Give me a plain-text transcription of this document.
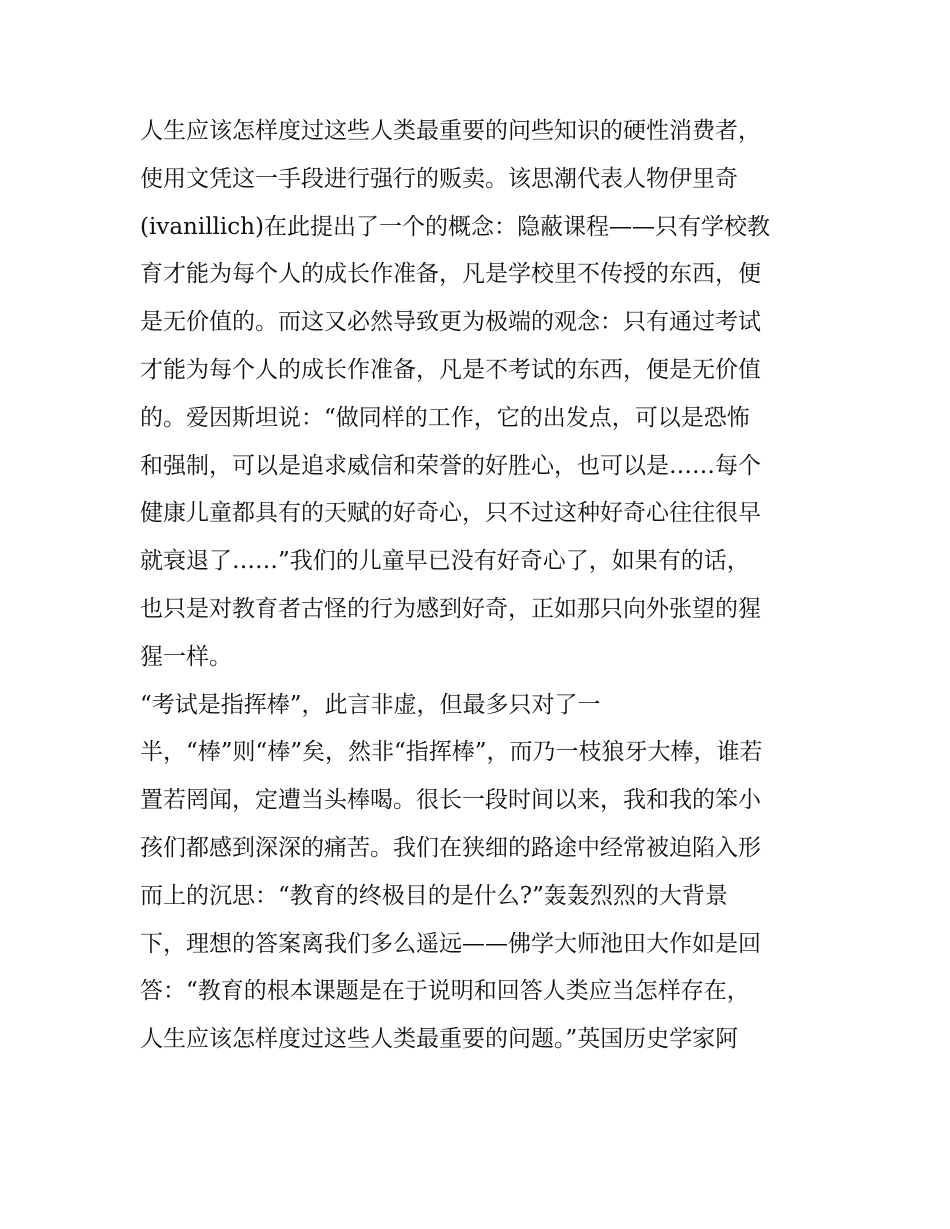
人生应该怎样度过这些人类最重要的问些知识的硬性消费者，
使用文凭这一手段进行强行的贩卖。该思潮代表人物伊里奇
(ivanillich)在此提出了一个的概念：隐蔽课程——只有学校教
育才能为每个人的成长作准备，凡是学校里不传授的东西，便
是无价值的。而这又必然导致更为极端的观念：只有通过考试
才能为每个人的成长作准备，凡是不考试的东西，便是无价值
的。爱因斯坦说：“做同样的工作，它的出发点，可以是恐怖
和强制，可以是追求威信和荣誉的好胜心，也可以是……每个
健康儿童都具有的天赋的好奇心，只不过这种好奇心往往很早
就衰退了……”我们的儿童早已没有好奇心了，如果有的话，
也只是对教育者古怪的行为感到好奇，正如那只向外张望的猩
猩一样。
“考试是指挥棒”，此言非虚，但最多只对了一
半，“棒”则“棒”矣，然非“指挥棒”，而乃一枝狼牙大棒，谁若
置若罔闻，定遭当头棒喝。很长一段时间以来，我和我的笨小
孩们都感到深深的痛苦。我们在狭细的路途中经常被迫陷入形
而上的沉思：“教育的终极目的是什么?”轰轰烈烈的大背景
下，理想的答案离我们多么遥远——佛学大师池田大作如是回
答：“教育的根本课题是在于说明和回答人类应当怎样存在，
人生应该怎样度过这些人类最重要的问题。”英国历史学家阿
